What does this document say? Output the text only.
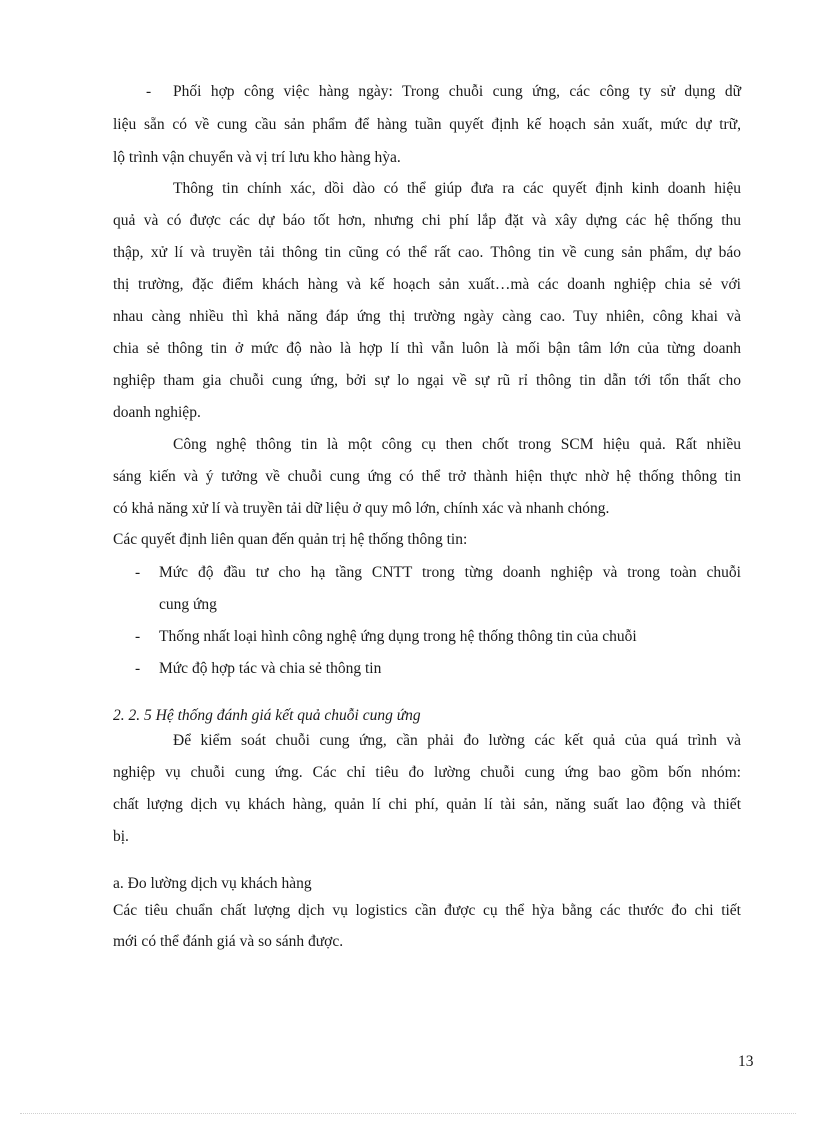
- Phối hợp công việc hàng ngày: Trong chuỗi cung ứng, các công ty sử dụng dữ
liệu sẵn có về cung cầu sản phẩm để hàng tuần quyết định kế hoạch sản xuất, mức dự trữ,
lộ trình vận chuyển và vị trí lưu kho hàng hỳa.
Thông tin chính xác, dồi dào có thể giúp đưa ra các quyết định kinh doanh hiệu
quả và có được các dự báo tốt hơn, nhưng chi phí lắp đặt và xây dựng các hệ thống thu
thập, xử lí và truyền tải thông tin cũng có thể rất cao. Thông tin về cung sản phẩm, dự báo
thị trường, đặc điểm khách hàng và kế hoạch sản xuất…mà các doanh nghiệp chia sẻ với
nhau càng nhiều thì khả năng đáp ứng thị trường ngày càng cao. Tuy nhiên, công khai và
chia sẻ thông tin ở mức độ nào là hợp lí thì vẫn luôn là mối bận tâm lớn của từng doanh
nghiệp tham gia chuỗi cung ứng, bởi sự lo ngại về sự rũ rỉ thông tin dẫn tới tổn thất cho
doanh nghiệp.
Công nghệ thông tin là một công cụ then chốt trong SCM hiệu quả. Rất nhiều
sáng kiến và ý tưởng về chuỗi cung ứng có thể trở thành hiện thực nhờ hệ thống thông tin
có khả năng xử lí và truyền tải dữ liệu ở quy mô lớn, chính xác và nhanh chóng.
Các quyết định liên quan đến quản trị hệ thống thông tin:
- Mức độ đầu tư cho hạ tầng CNTT trong từng doanh nghiệp và trong toàn chuỗi
cung ứng
- Thống nhất loại hình công nghệ ứng dụng trong hệ thống thông tin của chuỗi
- Mức độ hợp tác và chia sẻ thông tin
2. 2. 5 Hệ thống đánh giá kết quả chuỗi cung ứng
Để kiểm soát chuỗi cung ứng, cần phải đo lường các kết quả của quá trình và
nghiệp vụ chuỗi cung ứng. Các chỉ tiêu đo lường chuỗi cung ứng bao gồm bốn nhóm:
chất lượng dịch vụ khách hàng, quản lí chi phí, quản lí tài sản, năng suất lao động và thiết
bị.
a. Đo lường dịch vụ khách hàng
Các tiêu chuẩn chất lượng dịch vụ logistics cần được cụ thể hỳa bằng các thước đo chi tiết
mới có thể đánh giá và so sánh được.
13
